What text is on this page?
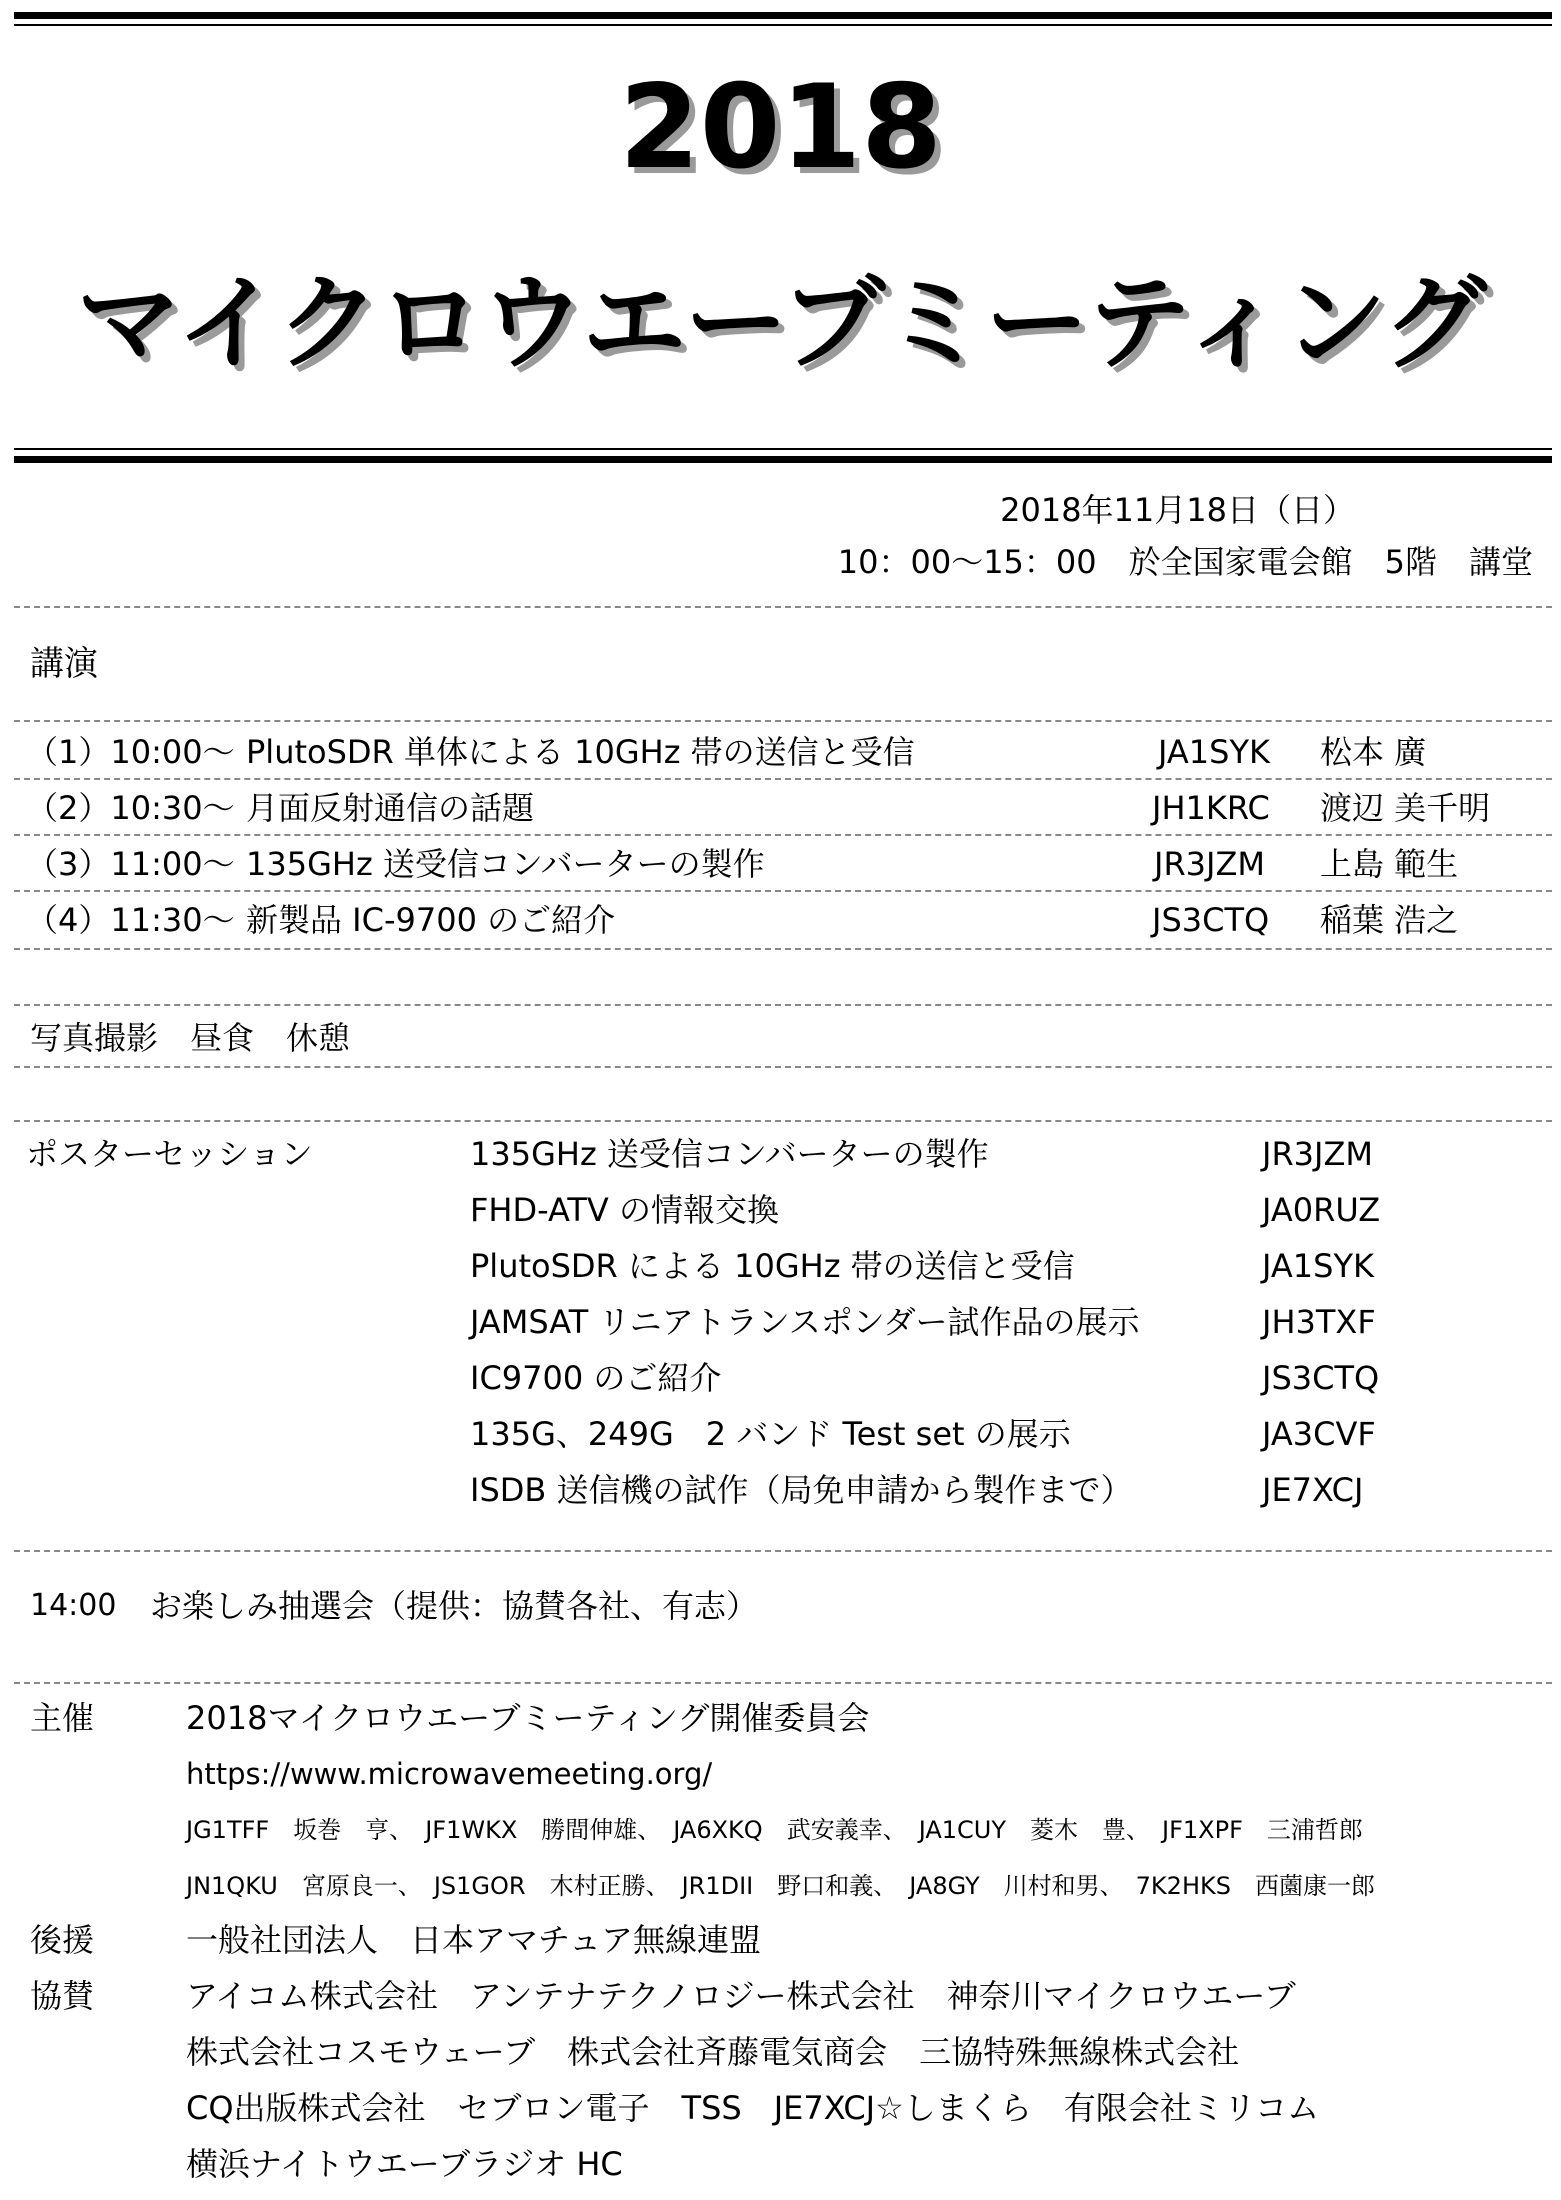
2018
マイクロウエーブミーティング
2018年11月18日（日）
10：00～15：00　於全国家電会館　5階　講堂
講演
（1）10:00～ PlutoSDR 単体による 10GHz 帯の送信と受信	JA1SYK 松本 廣
（2）10:30～ 月面反射通信の話題	JH1KRC 渡辺 美千明
（3）11:00～ 135GHz 送受信コンバーターの製作	JR3JZM 上島 範生
（4）11:30～ 新製品 IC-9700 のご紹介	JS3CTQ 稲葉 浩之
写真撮影　昼食　休憩
ポスターセッション	135GHz 送受信コンバーターの製作	JR3JZM
FHD-ATV の情報交換	JA0RUZ
PlutoSDR による 10GHz 帯の送信と受信	JA1SYK
JAMSAT リニアトランスポンダー試作品の展示	JH3TXF
IC9700 のご紹介	JS3CTQ
135G、249G　2 バンド Test set の展示	JA3CVF
ISDB 送信機の試作（局免申請から製作まで）	JE7XCJ
14:00 お楽しみ抽選会（提供：協賛各社、有志）
主催	2018マイクロウエーブミーティング開催委員会
https://www.microwavemeeting.org/
JG1TFF　坂巻　亨、　JF1WKX　勝間伸雄、　JA6XKQ　武安義幸、　JA1CUY　菱木　豊、　JF1XPF　三浦哲郎
JN1QKU　宮原良一、　JS1GOR　木村正勝、　JR1DII　野口和義、　JA8GY　川村和男、　7K2HKS　西薗康一郎
後援	一般社団法人　日本アマチュア無線連盟
協賛	アイコム株式会社　アンテナテクノロジー株式会社　神奈川マイクロウエーブ
株式会社コスモウェーブ　株式会社斉藤電気商会　三協特殊無線株式会社
CQ出版株式会社　セブロン電子　TSS　JE7XCJ☆しまくら　有限会社ミリコム
横浜ナイトウエーブラジオ HC
